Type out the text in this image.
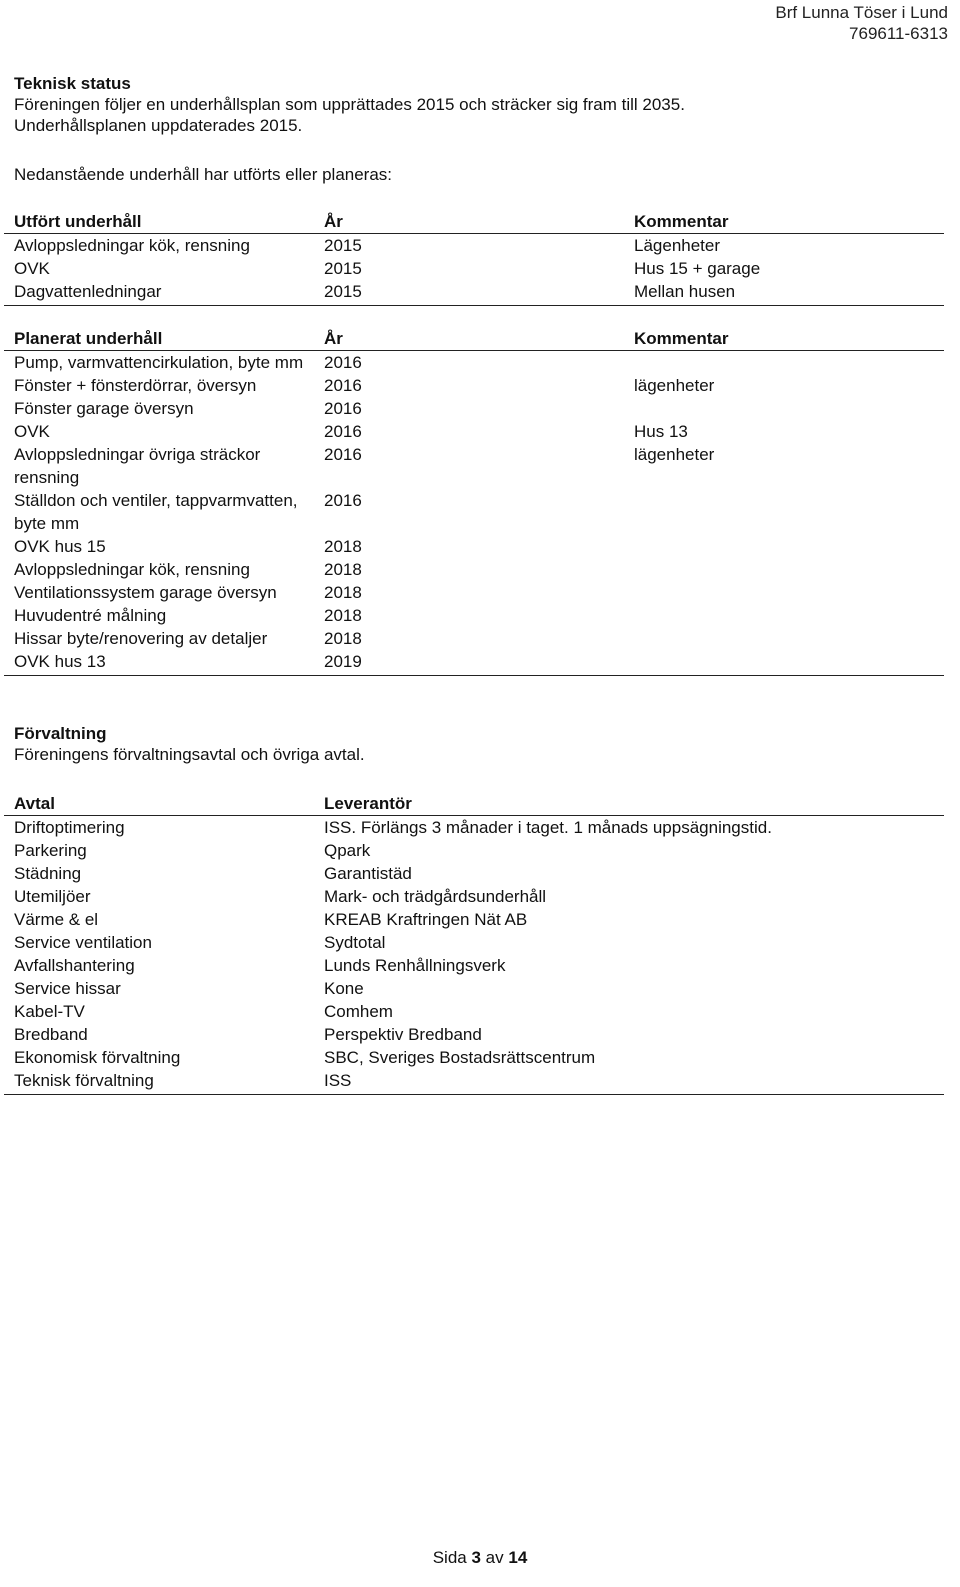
Brf Lunna Töser i Lund
769611-6313
Teknisk status
Föreningen följer en underhållsplan som upprättades 2015 och sträcker sig fram till 2035.
Underhållsplanen uppdaterades 2015.
Nedanstående underhåll har utförts eller planeras:
Utfört underhåll	År	Kommentar
Avloppsledningar kök, rensning	2015	Lägenheter
OVK	2015	Hus 15 + garage
Dagvattenledningar	2015	Mellan husen
Planerat underhåll	År	Kommentar
Pump, varmvattencirkulation, byte mm	2016	
Fönster + fönsterdörrar, översyn	2016	lägenheter
Fönster garage översyn	2016	
OVK	2016	Hus 13
Avloppsledningar övriga sträckor rensning	2016	lägenheter
Ställdon och ventiler, tappvarmvatten, byte mm	2016	
OVK hus 15	2018	
Avloppsledningar kök, rensning	2018	
Ventilationssystem garage översyn	2018	
Huvudentré målning	2018	
Hissar byte/renovering av detaljer	2018	
OVK hus 13	2019	
Förvaltning
Föreningens förvaltningsavtal och övriga avtal.
Avtal	Leverantör
Driftoptimering	ISS. Förlängs 3 månader i taget. 1 månads uppsägningstid.
Parkering	Qpark
Städning	Garantistäd
Utemiljöer	Mark- och trädgårdsunderhåll
Värme & el	KREAB Kraftringen Nät AB
Service ventilation	Sydtotal
Avfallshantering	Lunds Renhållningsverk
Service hissar	Kone
Kabel-TV	Comhem
Bredband	Perspektiv Bredband
Ekonomisk förvaltning	SBC, Sveriges Bostadsrättscentrum
Teknisk förvaltning	ISS
Sida 3 av 14
